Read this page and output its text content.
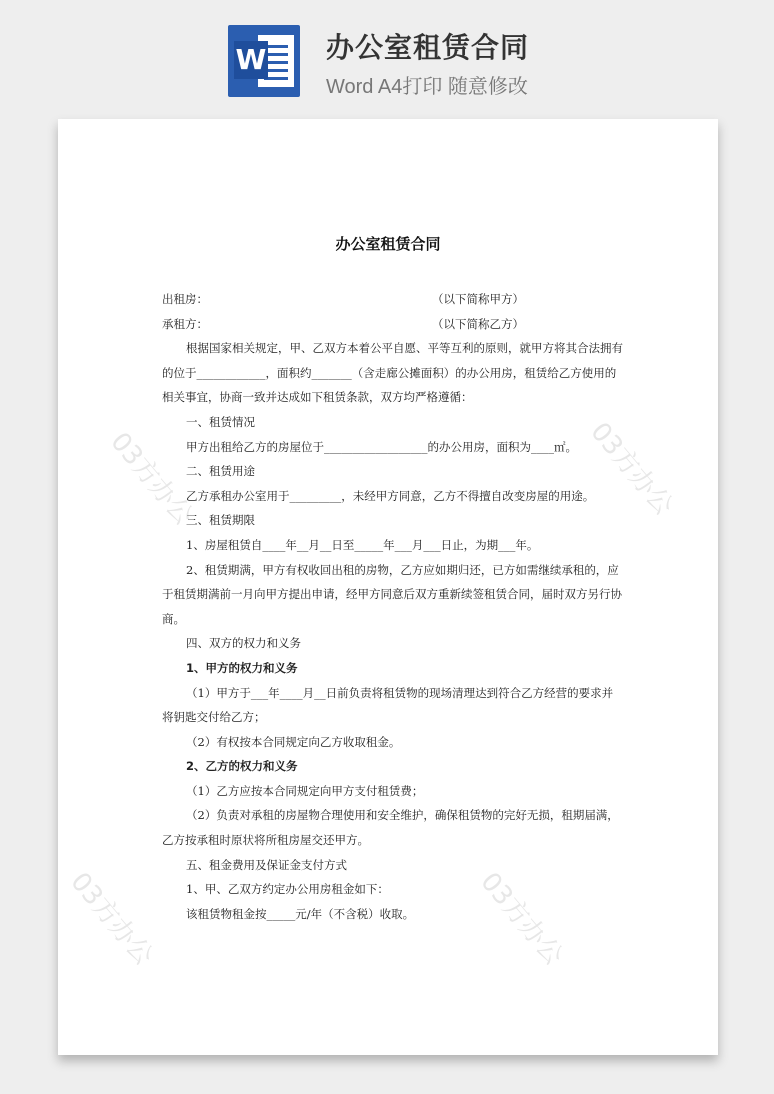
W 办公室租赁合同
Word A4打印 随意修改
03方办公	03方办公
03方办公	03方办公
办公室租赁合同
出租房：	（以下简称甲方）
承租方：	（以下简称乙方）

根据国家相关规定，甲、乙双方本着公平自愿、平等互利的原则，就甲方将其合法拥有的位于____________，面积约_______（含走廊公摊面积）的办公用房，租赁给乙方使用的相关事宜，协商一致并达成如下租赁条款，双方均严格遵循：

一、租赁情况

甲方出租给乙方的房屋位于__________________的办公用房，面积为____㎡。

二、租赁用途

乙方承租办公室用于_________，未经甲方同意，乙方不得擅自改变房屋的用途。

三、租赁期限

1、房屋租赁自____年__月__日至_____年___月___日止，为期___年。

2、租赁期满，甲方有权收回出租的房物，乙方应如期归还，已方如需继续承租的，应于租赁期满前一月向甲方提出申请，经甲方同意后双方重新续签租赁合同，届时双方另行协商。

四、双方的权力和义务

1、甲方的权力和义务

（1）甲方于___年____月__日前负责将租赁物的现场清理达到符合乙方经营的要求并将钥匙交付给乙方；

（2）有权按本合同规定向乙方收取租金。

2、乙方的权力和义务

（1）乙方应按本合同规定向甲方支付租赁费；

（2）负责对承租的房屋物合理使用和安全维护，确保租赁物的完好无损，租期届满，乙方按承租时原状将所租房屋交还甲方。

五、租金费用及保证金支付方式

1、甲、乙双方约定办公用房租金如下：

该租赁物租金按_____元/年（不含税）收取。
